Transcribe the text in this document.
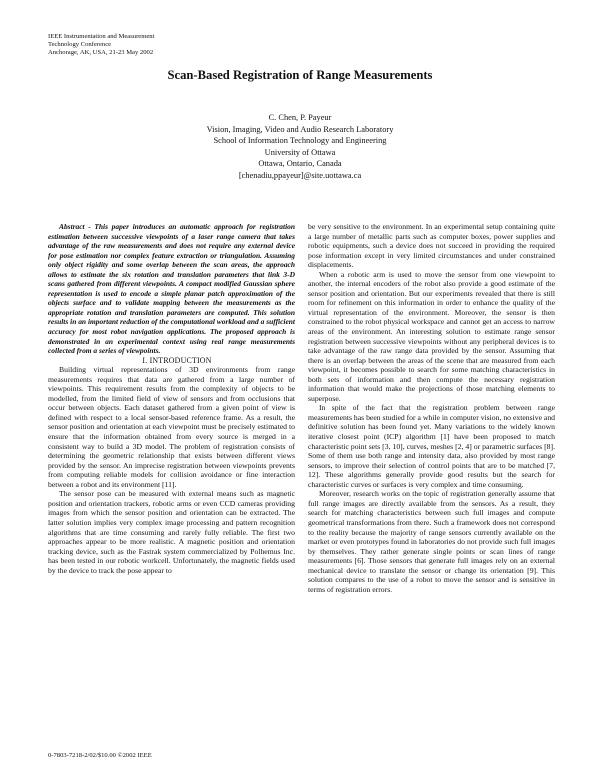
IEEE Instrumentation and Measurement
Technology Conference
Anchorage, AK, USA, 21-23 May 2002
Scan-Based Registration of Range Measurements
C. Chen, P. Payeur
Vision, Imaging, Video and Audio Research Laboratory
School of Information Technology and Engineering
University of Ottawa
Ottawa, Ontario, Canada
[chenadiu,ppayeur]@site.uottawa.ca

Abstract - This paper introduces an automatic approach for registration estimation between successive viewpoints of a laser range camera that takes advantage of the raw measurements and does not require any external device for pose estimation nor complex feature extraction or triangulation. Assuming only object rigidity and some overlap between the scan areas, the approach allows to estimate the six rotation and translation parameters that link 3-D scans gathered from different viewpoints. A compact modified Gaussian sphere representation is used to encode a simple planar patch approximation of the objects surface and to validate mapping between the measurements as the appropriate rotation and translation parameters are computed. This solution results in an important reduction of the computational workload and a sufficient accuracy for most robot navigation applications. The proposed approach is demonstrated in an experimental context using real range measurements collected from a series of viewpoints.

I. INTRODUCTION

Building virtual representations of 3D environments from range measurements requires that data are gathered from a large number of viewpoints. This requirement results from the complexity of objects to be modelled, from the limited field of view of sensors and from occlusions that occur between objects. Each dataset gathered from a given point of view is defined with respect to a local sensor-based reference frame. As a result, the sensor position and orientation at each viewpoint must be precisely estimated to ensure that the information obtained from every source is merged in a consistent way to build a 3D model. The problem of registration consists of determining the geometric relationship that exists between different views provided by the sensor. An imprecise registration between viewpoints prevents from computing reliable models for collision avoidance or fine interaction between a robot and its environment [11].

The sensor pose can be measured with external means such as magnetic position and orientation trackers, robotic arms or even CCD cameras providing images from which the sensor position and orientation can be extracted. The latter solution implies very complex image processing and pattern recognition algorithms that are time consuming and rarely fully reliable. The first two approaches appear to be more realistic. A magnetic position and orientation tracking device, such as the Fastrak system commercialized by Polhemus Inc. has been tested in our robotic workcell. Unfortunately, the magnetic fields used by the device to track the pose appear to

be very sensitive to the environment. In an experimental setup containing quite a large number of metallic parts such as computer boxes, power supplies and robotic equipments, such a device does not succeed in providing the required pose information except in very limited circumstances and under constrained displacements.

When a robotic arm is used to move the sensor from one viewpoint to another, the internal encoders of the robot also provide a good estimate of the sensor position and orientation. But our experiments revealed that there is still room for refinement on this information in order to enhance the quality of the virtual representation of the environment. Moreover, the sensor is then constrained to the robot physical workspace and cannot get an access to narrow areas of the environment. An interesting solution to estimate range sensor registration between successive viewpoints without any peripheral devices is to take advantage of the raw range data provided by the sensor. Assuming that there is an overlap between the areas of the scene that are measured from each viewpoint, it becomes possible to search for some matching characteristics in both sets of information and then compute the necessary registration information that would make the projections of those matching elements to superpose.

In spite of the fact that the registration problem between range measurements has been studied for a while in computer vision, no extensive and definitive solution has been found yet. Many variations to the widely known iterative closest point (ICP) algorithm [1] have been proposed to match characteristic point sets [3, 10], curves, meshes [2, 4] or parametric surfaces [8]. Some of them use both range and intensity data, also provided by most range sensors, to improve their selection of control points that are to be matched [7, 12]. These algorithms generally provide good results but the search for characteristic curves or surfaces is very complex and time consuming.

Moreover, research works on the topic of registration generally assume that full range images are directly available from the sensors. As a result, they search for matching characteristics between such full images and compute geometrical transformations from there. Such a framework does not correspond to the reality because the majority of range sensors currently available on the market or even prototypes found in laboratories do not provide such full images by themselves. They rather generate single points or scan lines of range measurements [6]. Those sensors that generate full images rely on an external mechanical device to translate the sensor or change its orientation [9]. This solution compares to the use of a robot to move the sensor and is sensitive in terms of registration errors.

0-7803-7218-2/02/$10.00 ©2002 IEEE
